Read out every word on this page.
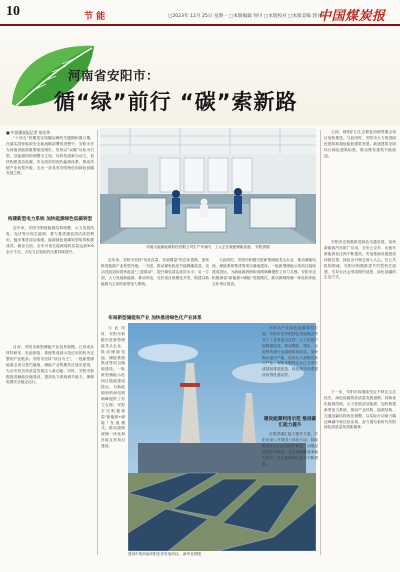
10	节 能	□2023年 12月 25日 星期一 □本版编辑 何川 □本版校对 □本版美编 郭书杰
中国煤炭报
河南省安阳市：
循“绿”前行 “碳”索新路
■ 中国煤炭报记者 胡克华

“十四五”时期是实现碳达峰的关键期和窗口期。在落实国家能源安全新战略部署的进程中，安阳市作为河南省能源重要枢纽城市，坚持以“双碳”目标为引领，以能源结构调整为主线，以科技创新为动力，加快构建清洁低碳、安全高效的现代能源体系，推动传统产业转型升级，走出一条具有安阳特色的绿色低碳发展之路。

构建新型电力系统 加快能源绿色低碳转型

近年来，安阳市围绕能源结构调整，大力发展风电、光伏等可再生能源，着力推进煤炭清洁高效利用，稳步推进清洁取暖，能源绿色低碳转型取得积极成效。截至目前，全市可再生能源装机容量达到300余万千瓦，占电力总装机的比重持续提升。

目前，安阳市新型储能产业初具规模，已形成从材料研发、电池制造、系统集成到示范应用的较为完整的产业链条。安阳市坚持“项目为王”，一批新型储能重点项目签约落地，储能产业集聚效应逐步显现，为全市经济高质量发展注入新动能。同时，安阳市积极推进储能设施建设，提高电力系统调节能力，保障电网安全稳定运行。

河南大能新能源科技有限公司生产车间内，工人正在装配储能设备。 安阳供图

近年来，安阳市坚持“优化存量、发展增量”的总体思路，加快推进能源产业转型升级。一方面，推动煤电机组节能降碳改造、灵活性改造和供热改造“三改联动”，提升煤电清洁高效水平；另一方面，大力发展新能源，推动风电、光伏项目规模化开发，构建以新能源为主体的新型电力系统。

布局新型储能和产业 加快推进绿色化产业体系

与此同时，安阳市积极引进新型储能龙头企业，推动储能电池、储能系统集成等项目落地建设。一批新型储能示范项目陆续建成投运，为新能源消纳和电网调峰提供了有力支撑。安阳市还积极探索“新能源+储能”发展模式，推动源网荷储一体化和多能互补项目建设。

与此同时，安阳市积极引进新型储能龙头企业，推动储能电池、储能系统集成等项目落地建设。一批新型储能示范项目陆续建成投运，为新能源消纳和电网调峰提供了有力支撑。安阳市还积极探索“新能源+储能”发展模式，推动源网荷储一体化和多能互补项目建设。

建设中的河南安阳光伏发电项目。 新华社供图

在推动产业绿色低碳转型方面，安阳市坚持把绿色发展理念贯穿于工业发展全过程，大力实施节能降碳改造，推动钢铁、焦化、水泥等传统行业超低排放改造，加快淘汰落后产能，培育壮大战略性新兴产业。安阳市钢铁企业已全部完成超低排放改造，绿色制造体系建设取得显著成效。

建设能源利用示范 推进碳汇能力提升

在推进碳汇能力提升方面，安阳市深入开展国土绿化行动，持续推进太行山生态保护修复，加强湿地保护和修复，全市森林覆盖率稳步提升，生态系统碳汇能力不断增强。

公园、城郊矿山生态修复治理等重点项目加快推进。与此同时，安阳市大力推进绿色建筑和超低能耗建筑发展，新建建筑全面执行绿色建筑标准，推动既有建筑节能改造。

安阳市还积极推进绿色交通发展，加快新能源汽车推广应用，全市公交车、出租车新能源化比例不断提高，充电基础设施建设持续完善，绿色出行理念深入人心。在公共机构领域，安阳市积极推进节约型机关创建，引导全社会形成简约适度、绿色低碳的生活方式。

下一步，安阳市将继续坚定不移走生态优先、绿色低碳的高质量发展道路，持续优化能源结构，大力发展清洁能源，加快构建新型电力系统，推动产业结构、能源结构、交通运输结构优化调整，以实际行动助力碳达峰碳中和目标实现，奋力谱写新时代安阳绿色高质量发展新篇章。
